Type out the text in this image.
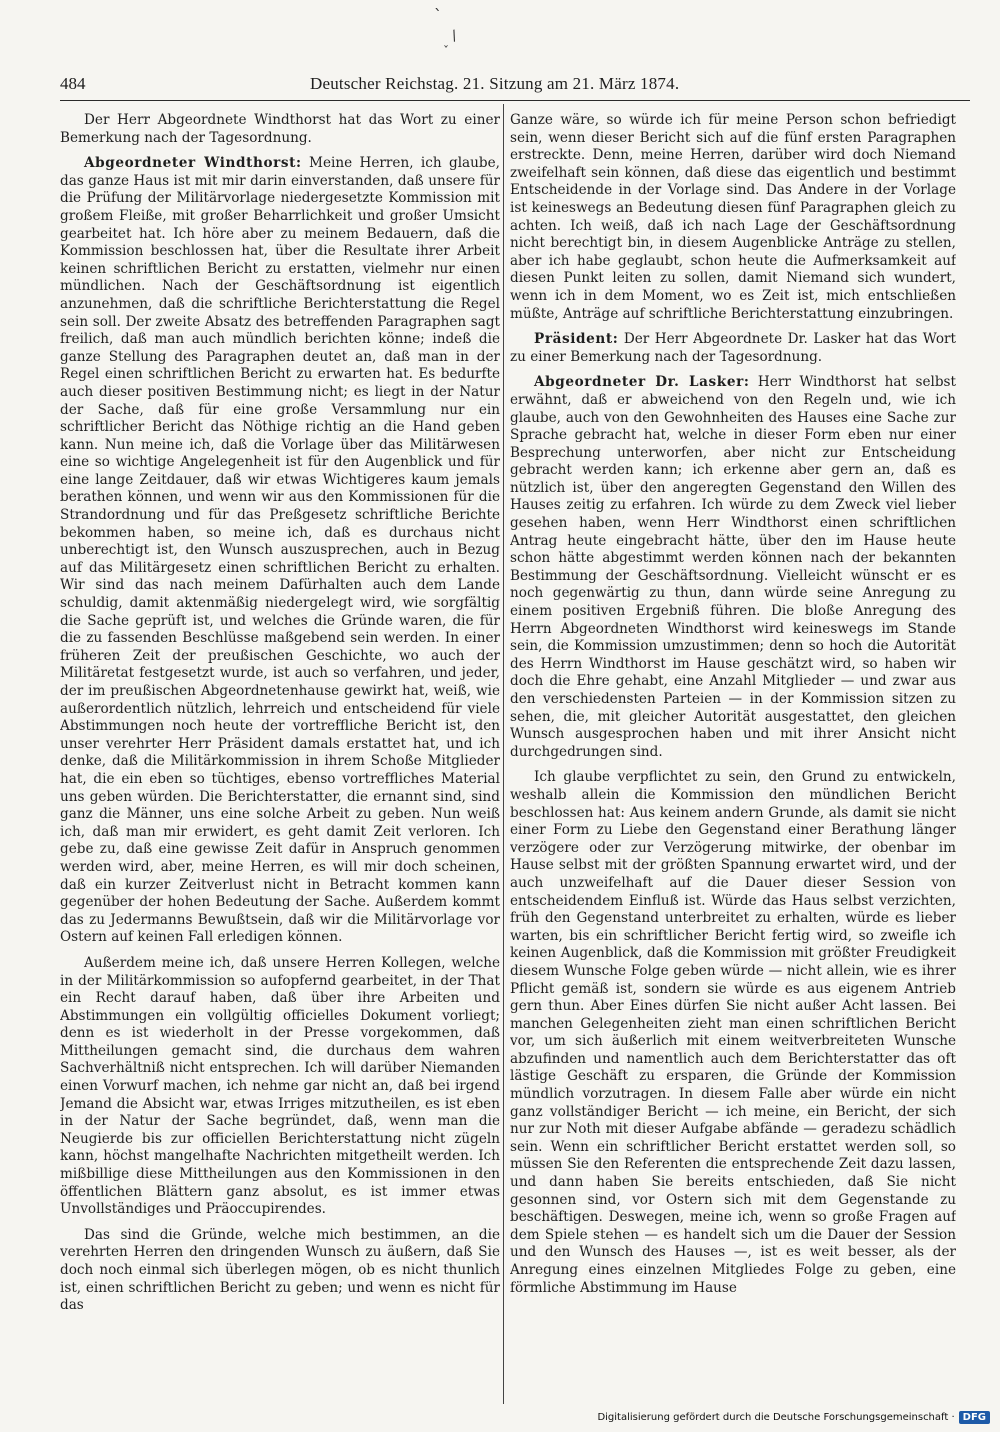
ˋ
/
ˇ
484	Deutscher Reichstag. 21. Sitzung am 21. März 1874.

Der Herr Abgeordnete Windthorst hat das Wort zu einer Bemerkung nach der Tagesordnung.

Abgeordneter Windthorst: Meine Herren, ich glaube, das ganze Haus ist mit mir darin einverstanden, daß unsere für die Prüfung der Militärvorlage niedergesetzte Kommission mit großem Fleiße, mit großer Beharrlichkeit und großer Umsicht gearbeitet hat. Ich höre aber zu meinem Bedauern, daß die Kommission beschlossen hat, über die Resultate ihrer Arbeit keinen schriftlichen Bericht zu erstatten, vielmehr nur einen mündlichen. Nach der Geschäftsordnung ist eigentlich anzunehmen, daß die schriftliche Berichterstattung die Regel sein soll. Der zweite Absatz des betreffenden Paragraphen sagt freilich, daß man auch mündlich berichten könne; indeß die ganze Stellung des Paragraphen deutet an, daß man in der Regel einen schriftlichen Bericht zu erwarten hat. Es bedurfte auch dieser positiven Bestimmung nicht; es liegt in der Natur der Sache, daß für eine große Versammlung nur ein schriftlicher Bericht das Nöthige richtig an die Hand geben kann. Nun meine ich, daß die Vorlage über das Militärwesen eine so wichtige Angelegenheit ist für den Augenblick und für eine lange Zeitdauer, daß wir etwas Wichtigeres kaum jemals berathen können, und wenn wir aus den Kommissionen für die Strandordnung und für das Preßgesetz schriftliche Berichte bekommen haben, so meine ich, daß es durchaus nicht unberechtigt ist, den Wunsch auszusprechen, auch in Bezug auf das Militärgesetz einen schriftlichen Bericht zu erhalten. Wir sind das nach meinem Dafürhalten auch dem Lande schuldig, damit aktenmäßig niedergelegt wird, wie sorgfältig die Sache geprüft ist, und welches die Gründe waren, die für die zu fassenden Beschlüsse maßgebend sein werden. In einer früheren Zeit der preußischen Geschichte, wo auch der Militäretat festgesetzt wurde, ist auch so verfahren, und jeder, der im preußischen Abgeordnetenhause gewirkt hat, weiß, wie außerordentlich nützlich, lehrreich und entscheidend für viele Abstimmungen noch heute der vortreffliche Bericht ist, den unser verehrter Herr Präsident damals erstattet hat, und ich denke, daß die Militärkommission in ihrem Schoße Mitglieder hat, die ein eben so tüchtiges, ebenso vortreffliches Material uns geben würden. Die Berichterstatter, die ernannt sind, sind ganz die Männer, uns eine solche Arbeit zu geben. Nun weiß ich, daß man mir erwidert, es geht damit Zeit verloren. Ich gebe zu, daß eine gewisse Zeit dafür in Anspruch genommen werden wird, aber, meine Herren, es will mir doch scheinen, daß ein kurzer Zeitverlust nicht in Betracht kommen kann gegenüber der hohen Bedeutung der Sache. Außerdem kommt das zu Jedermanns Bewußtsein, daß wir die Militärvorlage vor Ostern auf keinen Fall erledigen können.

Außerdem meine ich, daß unsere Herren Kollegen, welche in der Militärkommission so aufopfernd gearbeitet, in der That ein Recht darauf haben, daß über ihre Arbeiten und Abstimmungen ein vollgültig officielles Dokument vorliegt; denn es ist wiederholt in der Presse vorgekommen, daß Mittheilungen gemacht sind, die durchaus dem wahren Sachverhältniß nicht entsprechen. Ich will darüber Niemanden einen Vorwurf machen, ich nehme gar nicht an, daß bei irgend Jemand die Absicht war, etwas Irriges mitzutheilen, es ist eben in der Natur der Sache begründet, daß, wenn man die Neugierde bis zur officiellen Berichterstattung nicht zügeln kann, höchst mangelhafte Nachrichten mitgetheilt werden. Ich mißbillige diese Mittheilungen aus den Kommissionen in den öffentlichen Blättern ganz absolut, es ist immer etwas Unvollständiges und Präoccupirendes.

Das sind die Gründe, welche mich bestimmen, an die verehrten Herren den dringenden Wunsch zu äußern, daß Sie doch noch einmal sich überlegen mögen, ob es nicht thunlich ist, einen schriftlichen Bericht zu geben; und wenn es nicht für das

Ganze wäre, so würde ich für meine Person schon befriedigt sein, wenn dieser Bericht sich auf die fünf ersten Paragraphen erstreckte. Denn, meine Herren, darüber wird doch Niemand zweifelhaft sein können, daß diese das eigentlich und bestimmt Entscheidende in der Vorlage sind. Das Andere in der Vorlage ist keineswegs an Bedeutung diesen fünf Paragraphen gleich zu achten. Ich weiß, daß ich nach Lage der Geschäftsordnung nicht berechtigt bin, in diesem Augenblicke Anträge zu stellen, aber ich habe geglaubt, schon heute die Aufmerksamkeit auf diesen Punkt leiten zu sollen, damit Niemand sich wundert, wenn ich in dem Moment, wo es Zeit ist, mich entschließen müßte, Anträge auf schriftliche Berichterstattung einzubringen.

Präsident: Der Herr Abgeordnete Dr. Lasker hat das Wort zu einer Bemerkung nach der Tagesordnung.

Abgeordneter Dr. Lasker: Herr Windthorst hat selbst erwähnt, daß er abweichend von den Regeln und, wie ich glaube, auch von den Gewohnheiten des Hauses eine Sache zur Sprache gebracht hat, welche in dieser Form eben nur einer Besprechung unterworfen, aber nicht zur Entscheidung gebracht werden kann; ich erkenne aber gern an, daß es nützlich ist, über den angeregten Gegenstand den Willen des Hauses zeitig zu erfahren. Ich würde zu dem Zweck viel lieber gesehen haben, wenn Herr Windthorst einen schriftlichen Antrag heute eingebracht hätte, über den im Hause heute schon hätte abgestimmt werden können nach der bekannten Bestimmung der Geschäftsordnung. Vielleicht wünscht er es noch gegenwärtig zu thun, dann würde seine Anregung zu einem positiven Ergebniß führen. Die bloße Anregung des Herrn Abgeordneten Windthorst wird keineswegs im Stande sein, die Kommission umzustimmen; denn so hoch die Autorität des Herrn Windthorst im Hause geschätzt wird, so haben wir doch die Ehre gehabt, eine Anzahl Mitglieder — und zwar aus den verschiedensten Parteien — in der Kommission sitzen zu sehen, die, mit gleicher Autorität ausgestattet, den gleichen Wunsch ausgesprochen haben und mit ihrer Ansicht nicht durchgedrungen sind.

Ich glaube verpflichtet zu sein, den Grund zu entwickeln, weshalb allein die Kommission den mündlichen Bericht beschlossen hat: Aus keinem andern Grunde, als damit sie nicht einer Form zu Liebe den Gegenstand einer Berathung länger verzögere oder zur Verzögerung mitwirke, der obenbar im Hause selbst mit der größten Spannung erwartet wird, und der auch unzweifelhaft auf die Dauer dieser Session von entscheidendem Einfluß ist. Würde das Haus selbst verzichten, früh den Gegenstand unterbreitet zu erhalten, würde es lieber warten, bis ein schriftlicher Bericht fertig wird, so zweifle ich keinen Augenblick, daß die Kommission mit größter Freudigkeit diesem Wunsche Folge geben würde — nicht allein, wie es ihrer Pflicht gemäß ist, sondern sie würde es aus eigenem Antrieb gern thun. Aber Eines dürfen Sie nicht außer Acht lassen. Bei manchen Gelegenheiten zieht man einen schriftlichen Bericht vor, um sich äußerlich mit einem weitverbreiteten Wunsche abzufinden und namentlich auch dem Berichterstatter das oft lästige Geschäft zu ersparen, die Gründe der Kommission mündlich vorzutragen. In diesem Falle aber würde ein nicht ganz vollständiger Bericht — ich meine, ein Bericht, der sich nur zur Noth mit dieser Aufgabe abfände — geradezu schädlich sein. Wenn ein schriftlicher Bericht erstattet werden soll, so müssen Sie den Referenten die entsprechende Zeit dazu lassen, und dann haben Sie bereits entschieden, daß Sie nicht gesonnen sind, vor Ostern sich mit dem Gegenstande zu beschäftigen. Deswegen, meine ich, wenn so große Fragen auf dem Spiele stehen — es handelt sich um die Dauer der Session und den Wunsch des Hauses —, ist es weit besser, als der Anregung eines einzelnen Mitgliedes Folge zu geben, eine förmliche Abstimmung im Hause

Digitalisierung gefördert durch die Deutsche Forschungsgemeinschaft · DFG
